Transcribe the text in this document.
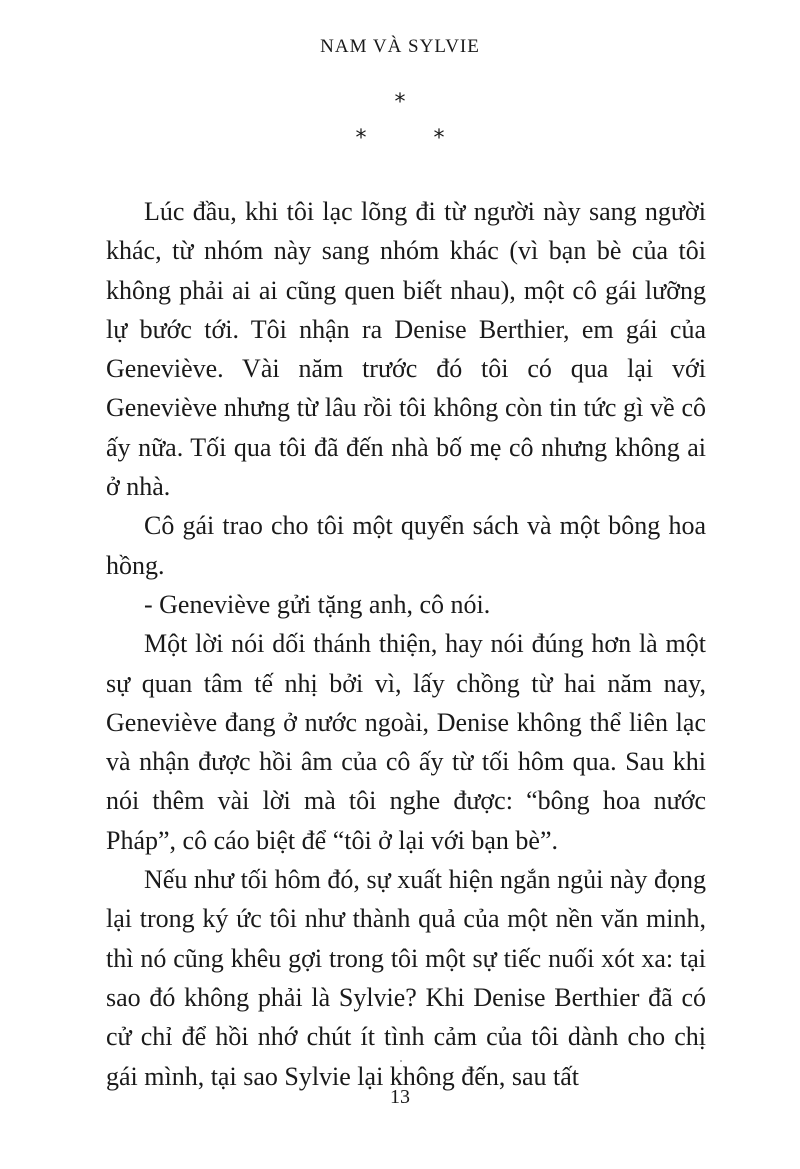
NAM VÀ SYLVIE
*
*	*

Lúc đầu, khi tôi lạc lõng đi từ người này sang người khác, từ nhóm này sang nhóm khác (vì bạn bè của tôi không phải ai ai cũng quen biết nhau), một cô gái lưỡng lự bước tới. Tôi nhận ra Denise Berthier, em gái của Geneviève. Vài năm trước đó tôi có qua lại với Geneviève nhưng từ lâu rồi tôi không còn tin tức gì về cô ấy nữa. Tối qua tôi đã đến nhà bố mẹ cô nhưng không ai ở nhà.

Cô gái trao cho tôi một quyển sách và một bông hoa hồng.

- Geneviève gửi tặng anh, cô nói.

Một lời nói dối thánh thiện, hay nói đúng hơn là một sự quan tâm tế nhị bởi vì, lấy chồng từ hai năm nay, Geneviève đang ở nước ngoài, Denise không thể liên lạc và nhận được hồi âm của cô ấy từ tối hôm qua. Sau khi nói thêm vài lời mà tôi nghe được: “bông hoa nước Pháp”, cô cáo biệt để “tôi ở lại với bạn bè”.

Nếu như tối hôm đó, sự xuất hiện ngắn ngủi này đọng lại trong ký ức tôi như thành quả của một nền văn minh, thì nó cũng khêu gợi trong tôi một sự tiếc nuối xót xa: tại sao đó không phải là Sylvie? Khi Denise Berthier đã có cử chỉ để hồi nhớ chút ít tình cảm của tôi dành cho chị gái mình, tại sao Sylvie lại không đến, sau tất

13
